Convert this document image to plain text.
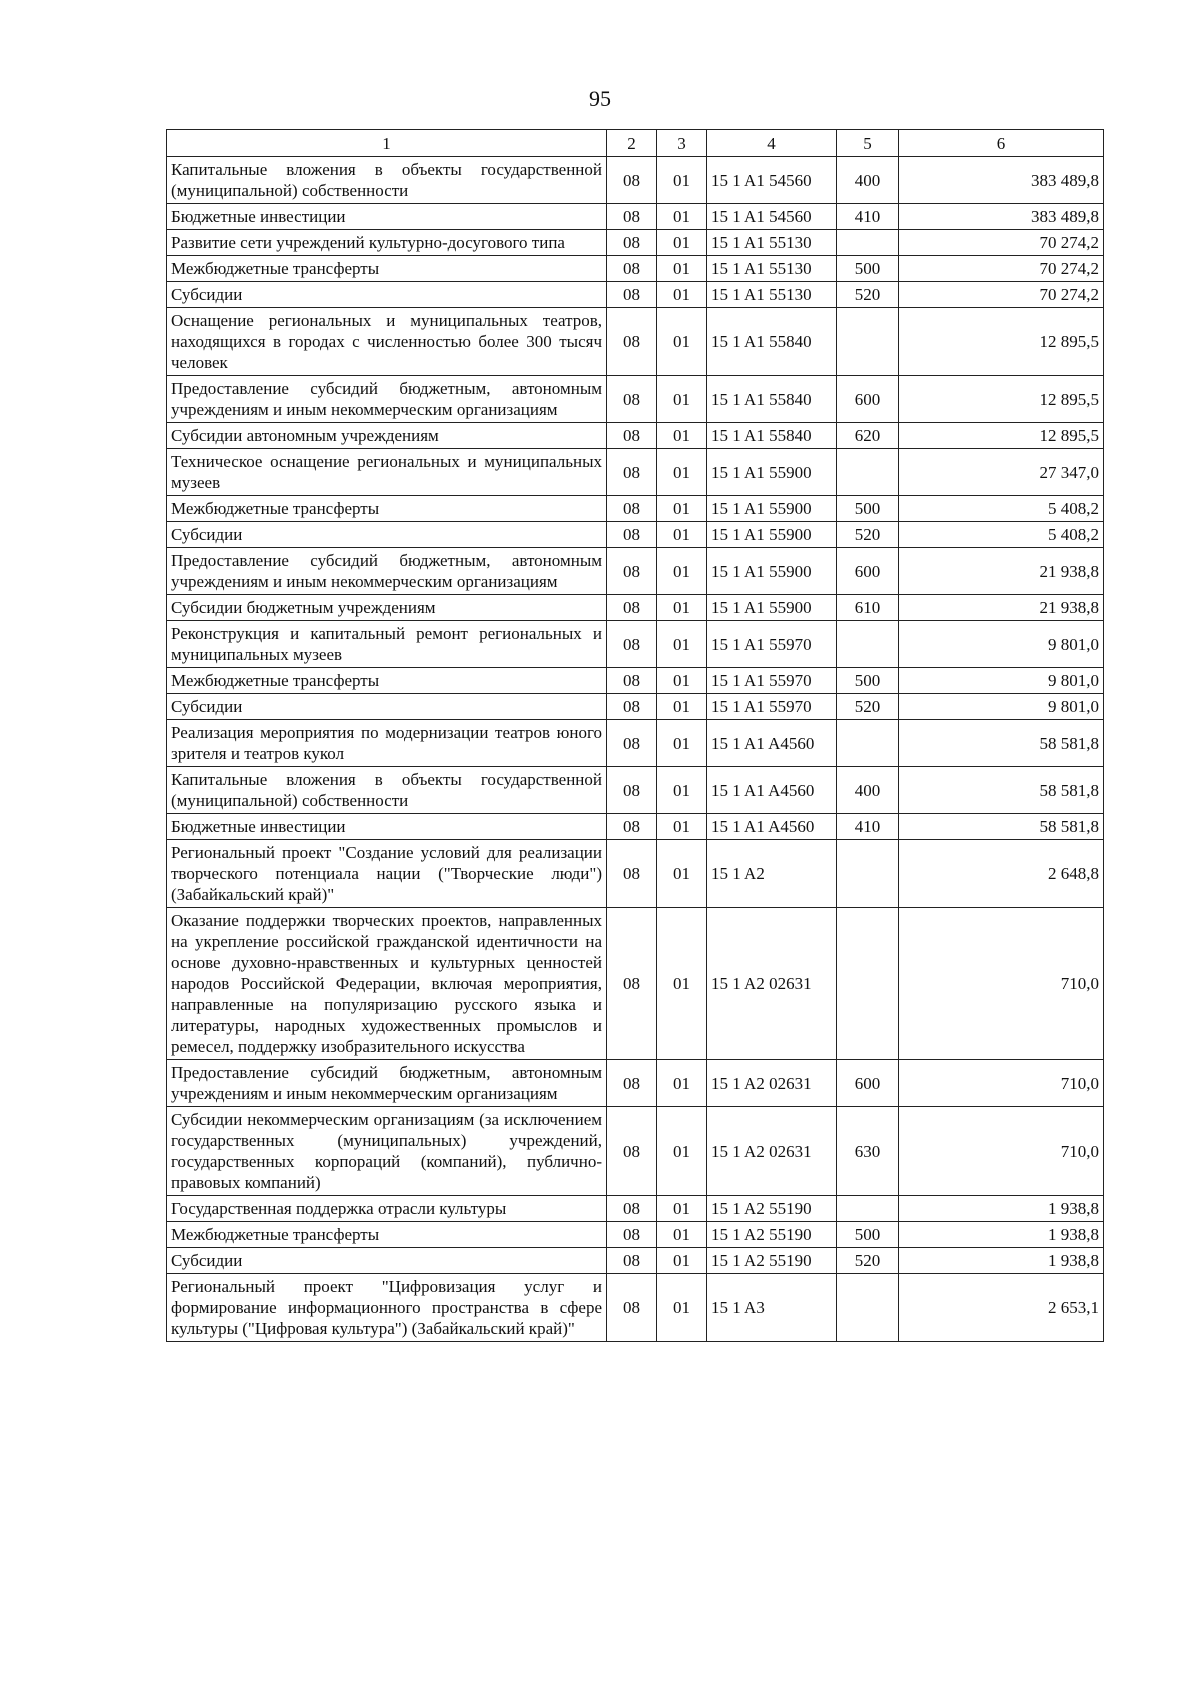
95
1	2	3	4	5	6
Капитальные вложения в объекты государственной (муниципальной) собственности	08	01	15 1 A1 54560	400	383 489,8
Бюджетные инвестиции	08	01	15 1 A1 54560	410	383 489,8
Развитие сети учреждений культурно-досугового типа	08	01	15 1 A1 55130		70 274,2
Межбюджетные трансферты	08	01	15 1 A1 55130	500	70 274,2
Субсидии	08	01	15 1 A1 55130	520	70 274,2
Оснащение региональных и муниципальных театров, находящихся в городах с численностью более 300 тысяч человек	08	01	15 1 A1 55840		12 895,5
Предоставление субсидий бюджетным, автономным учреждениям и иным некоммерческим организациям	08	01	15 1 A1 55840	600	12 895,5
Субсидии автономным учреждениям	08	01	15 1 A1 55840	620	12 895,5
Техническое оснащение региональных и муниципальных музеев	08	01	15 1 A1 55900		27 347,0
Межбюджетные трансферты	08	01	15 1 A1 55900	500	5 408,2
Субсидии	08	01	15 1 A1 55900	520	5 408,2
Предоставление субсидий бюджетным, автономным учреждениям и иным некоммерческим организациям	08	01	15 1 A1 55900	600	21 938,8
Субсидии бюджетным учреждениям	08	01	15 1 A1 55900	610	21 938,8
Реконструкция и капитальный ремонт региональных и муниципальных музеев	08	01	15 1 A1 55970		9 801,0
Межбюджетные трансферты	08	01	15 1 A1 55970	500	9 801,0
Субсидии	08	01	15 1 A1 55970	520	9 801,0
Реализация мероприятия по модернизации театров юного зрителя и театров кукол	08	01	15 1 A1 A4560		58 581,8
Капитальные вложения в объекты государственной (муниципальной) собственности	08	01	15 1 A1 A4560	400	58 581,8
Бюджетные инвестиции	08	01	15 1 A1 A4560	410	58 581,8
Региональный проект "Создание условий для реализации творческого потенциала нации ("Творческие люди") (Забайкальский край)"	08	01	15 1 A2		2 648,8
Оказание поддержки творческих проектов, направленных на укрепление российской гражданской идентичности на основе духовно-нравственных и культурных ценностей народов Российской Федерации, включая мероприятия, направленные на популяризацию русского языка и литературы, народных художественных промыслов и ремесел, поддержку изобразительного искусства	08	01	15 1 A2 02631		710,0
Предоставление субсидий бюджетным, автономным учреждениям и иным некоммерческим организациям	08	01	15 1 A2 02631	600	710,0
Субсидии некоммерческим организациям (за исключением государственных (муниципальных) учреждений, государственных корпораций (компаний), публично-правовых компаний)	08	01	15 1 A2 02631	630	710,0
Государственная поддержка отрасли культуры	08	01	15 1 A2 55190		1 938,8
Межбюджетные трансферты	08	01	15 1 A2 55190	500	1 938,8
Субсидии	08	01	15 1 A2 55190	520	1 938,8
Региональный проект "Цифровизация услуг и формирование информационного пространства в сфере культуры ("Цифровая культура") (Забайкальский край)"	08	01	15 1 A3		2 653,1
